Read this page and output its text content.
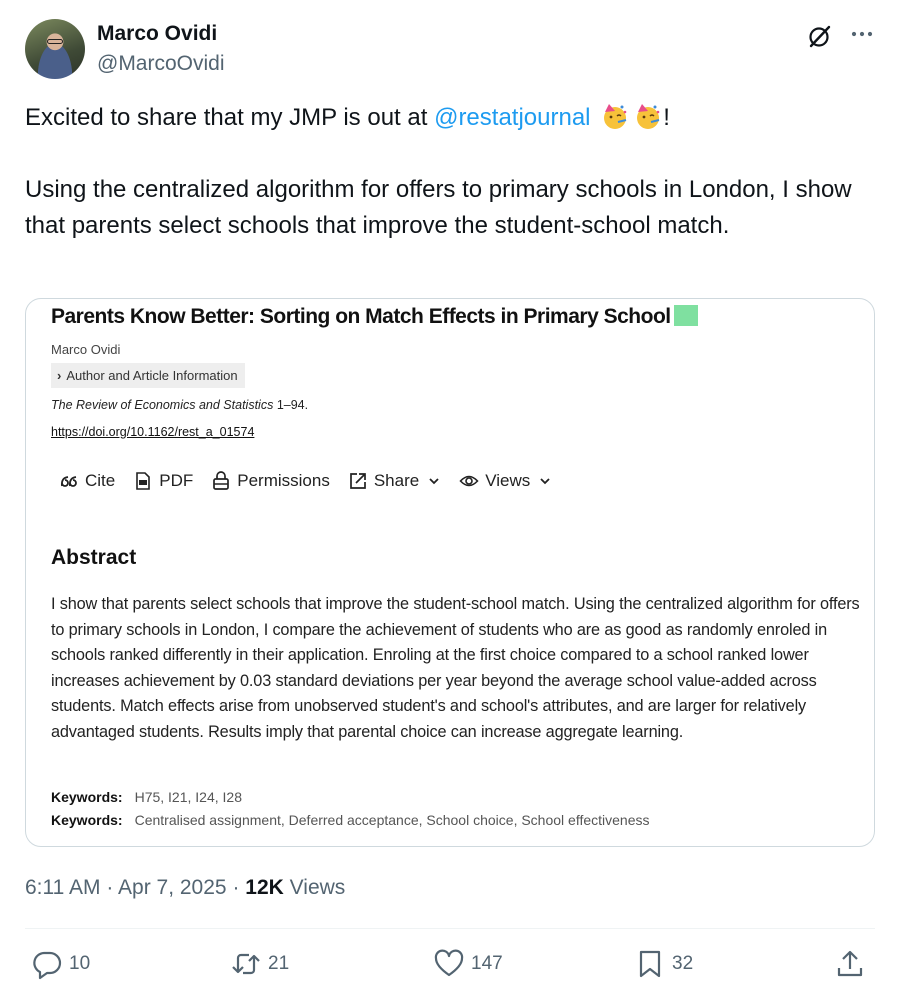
Marco Ovidi
@MarcoOvidi

Excited to share that my JMP is out at @restatjournal	!

Using the centralized algorithm for offers to primary schools in London, I show that parents select schools that improve the student-school match.

Parents Know Better: Sorting on Match Effects in Primary School
Marco Ovidi
› Author and Article Information
The Review of Economics and Statistics 1–94.
https://doi.org/10.1162/rest_a_01574
Cite	PDF	Permissions	Share	Views
Abstract
I show that parents select schools that improve the student-school match. Using the centralized algorithm for offers to primary schools in London, I compare the achievement of students who are as good as randomly enroled in schools ranked differently in their application. Enroling at the first choice compared to a school ranked lower increases achievement by 0.03 standard deviations per year beyond the average school value-added across students. Match effects arise from unobserved student's and school's attributes, and are larger for relatively advantaged students. Results imply that parental choice can increase aggregate learning.
Keywords: H75, I21, I24, I28
Keywords: Centralised assignment, Deferred acceptance, School choice, School effectiveness
6:11 AM · Apr 7, 2025 · 12K Views
10	21	147	32
